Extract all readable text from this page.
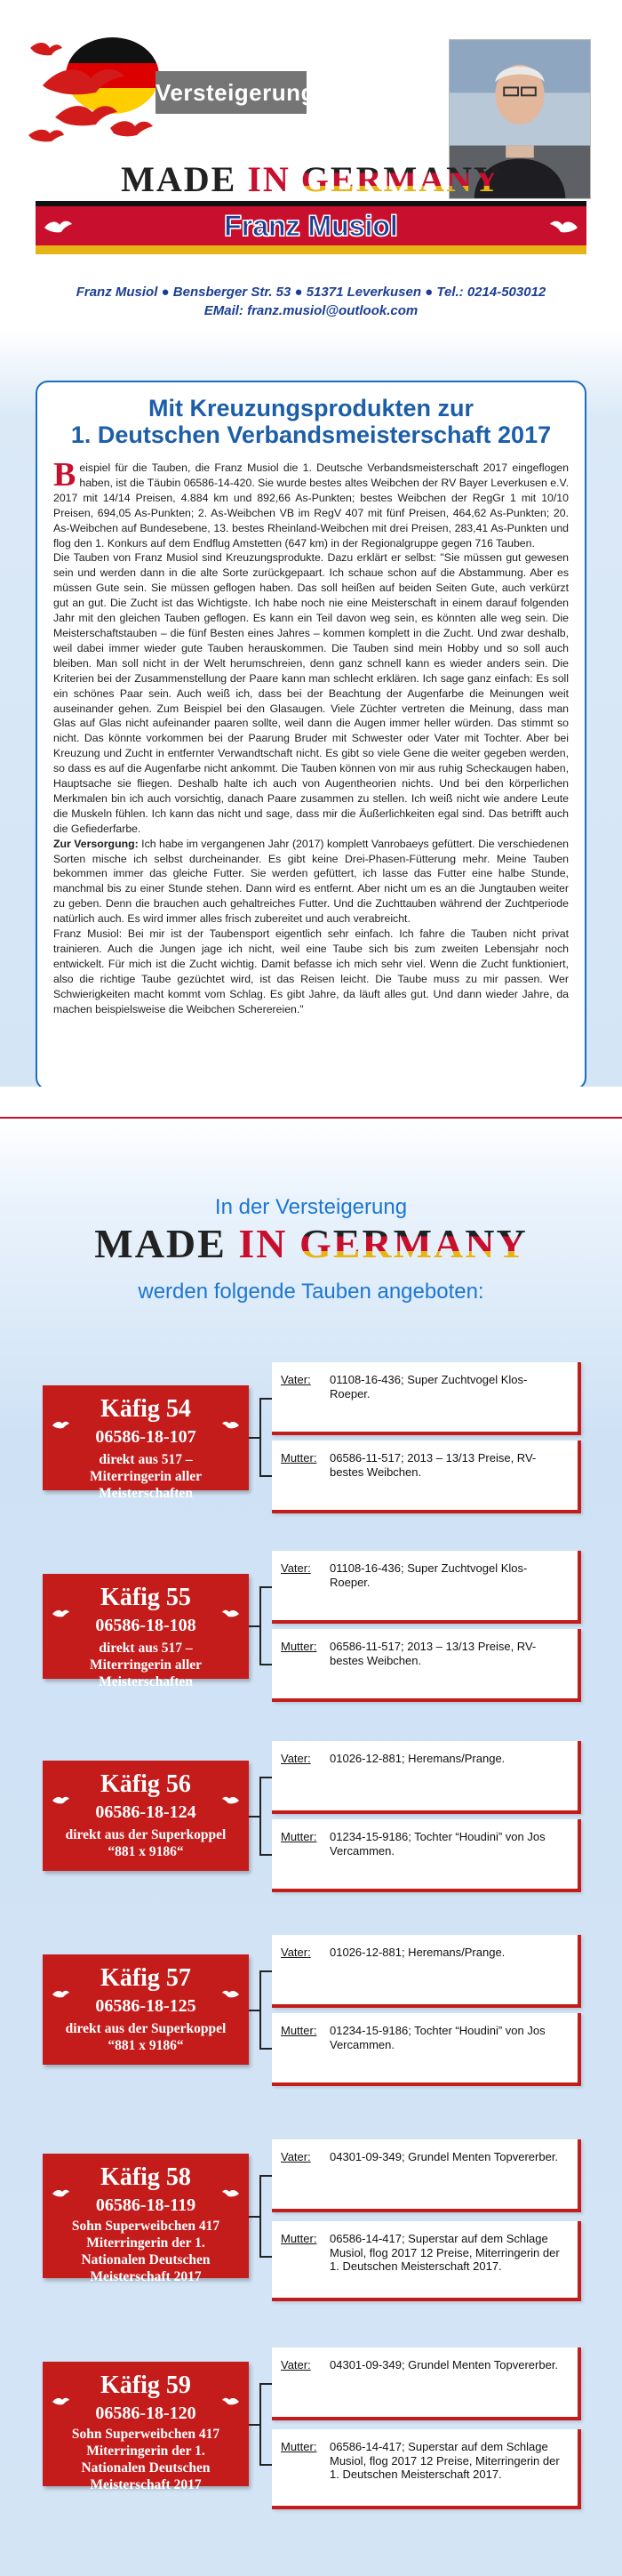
Versteigerung
MADE IN GERMANY
Franz Musiol
Franz Musiol ● Bensberger Str. 53 ● 51371 Leverkusen ● Tel.: 0214-503012
EMail: franz.musiol@outlook.com
Mit Kreuzungsprodukten zur
1. Deutschen Verbandsmeisterschaft 2017

Beispiel für die Tauben, die Franz Musiol die 1. Deutsche Verbandsmeisterschaft 2017 eingeflogen haben, ist die Täubin 06586-14-420. Sie wurde bestes altes Weibchen der RV Bayer Leverkusen e.V. 2017 mit 14/14 Preisen, 4.884 km und 892,66 As-Punkten; bestes Weibchen der RegGr 1 mit 10/10 Preisen, 694,05 As-Punkten; 2. As-Weibchen VB im RegV 407 mit fünf Preisen, 464,62 As-Punkten; 20. As-Weibchen auf Bundesebene, 13. bestes Rheinland-Weibchen mit drei Preisen, 283,41 As-Punkten und flog den 1. Konkurs auf dem Endflug Amstetten (647 km) in der Regionalgruppe gegen 716 Tauben.

Die Tauben von Franz Musiol sind Kreuzungsprodukte. Dazu erklärt er selbst: "Sie müssen gut gewesen sein und werden dann in die alte Sorte zurückgepaart. Ich schaue schon auf die Abstammung. Aber es müssen Gute sein. Sie müssen geflogen haben. Das soll heißen auf beiden Seiten Gute, auch verkürzt gut an gut. Die Zucht ist das Wichtigste. Ich habe noch nie eine Meisterschaft in einem darauf folgenden Jahr mit den gleichen Tauben geflogen. Es kann ein Teil davon weg sein, es könnten alle weg sein. Die Meisterschaftstauben – die fünf Besten eines Jahres – kommen komplett in die Zucht. Und zwar deshalb, weil dabei immer wieder gute Tauben herauskommen. Die Tauben sind mein Hobby und so soll auch bleiben. Man soll nicht in der Welt herumschreien, denn ganz schnell kann es wieder anders sein. Die Kriterien bei der Zusammenstellung der Paare kann man schlecht erklären. Ich sage ganz einfach: Es soll ein schönes Paar sein. Auch weiß ich, dass bei der Beachtung der Augenfarbe die Meinungen weit auseinander gehen. Zum Beispiel bei den Glasaugen. Viele Züchter vertreten die Meinung, dass man Glas auf Glas nicht aufeinander paaren sollte, weil dann die Augen immer heller würden. Das stimmt so nicht. Das könnte vorkommen bei der Paarung Bruder mit Schwester oder Vater mit Tochter. Aber bei Kreuzung und Zucht in entfernter Verwandtschaft nicht. Es gibt so viele Gene die weiter gegeben werden, so dass es auf die Augenfarbe nicht ankommt. Die Tauben können von mir aus ruhig Scheckaugen haben, Hauptsache sie fliegen. Deshalb halte ich auch von Augentheorien nichts. Und bei den körperlichen Merkmalen bin ich auch vorsichtig, danach Paare zusammen zu stellen. Ich weiß nicht wie andere Leute die Muskeln fühlen. Ich kann das nicht und sage, dass mir die Äußerlichkeiten egal sind. Das betrifft auch die Gefiederfarbe.

Zur Versorgung: Ich habe im vergangenen Jahr (2017) komplett Vanrobaeys gefüttert. Die verschiedenen Sorten mische ich selbst durcheinander. Es gibt keine Drei-Phasen-Fütterung mehr. Meine Tauben bekommen immer das gleiche Futter. Sie werden gefüttert, ich lasse das Futter eine halbe Stunde, manchmal bis zu einer Stunde stehen. Dann wird es entfernt. Aber nicht um es an die Jungtauben weiter zu geben. Denn die brauchen auch gehaltreiches Futter. Und die Zuchttauben während der Zuchtperiode natürlich auch. Es wird immer alles frisch zubereitet und auch verabreicht.

Franz Musiol: Bei mir ist der Taubensport eigentlich sehr einfach. Ich fahre die Tauben nicht privat trainieren. Auch die Jungen jage ich nicht, weil eine Taube sich bis zum zweiten Lebensjahr noch entwickelt. Für mich ist die Zucht wichtig. Damit befasse ich mich sehr viel. Wenn die Zucht funktioniert, also die richtige Taube gezüchtet wird, ist das Reisen leicht. Die Taube muss zu mir passen. Wer Schwierigkeiten macht kommt vom Schlag. Es gibt Jahre, da läuft alles gut. Und dann wieder Jahre, da machen beispielsweise die Weibchen Scherereien."

In der Versteigerung
MADE IN GERMANY
werden folgende Tauben angeboten:
Käfig 54
06586-18-107
direkt aus 517 – Miterringerin aller Meisterschaften
Vater: 01108-16-436; Super Zuchtvogel Klos-Roeper.
Mutter: 06586-11-517; 2013 – 13/13 Preise, RV-bestes Weibchen.
Käfig 55
06586-18-108
direkt aus 517 – Miterringerin aller Meisterschaften
Vater: 01108-16-436; Super Zuchtvogel Klos-Roeper.
Mutter: 06586-11-517; 2013 – 13/13 Preise, RV-bestes Weibchen.
Käfig 56
06586-18-124
direkt aus der Superkoppel “881 x 9186“
Vater: 01026-12-881; Heremans/Prange.
Mutter: 01234-15-9186; Tochter “Houdini” von Jos Vercammen.
Käfig 57
06586-18-125
direkt aus der Superkoppel “881 x 9186“
Vater: 01026-12-881; Heremans/Prange.
Mutter: 01234-15-9186; Tochter “Houdini” von Jos Vercammen.
Käfig 58
06586-18-119
Sohn Superweibchen 417 Miterringerin der 1. Nationalen Deutschen Meisterschaft 2017
Vater: 04301-09-349; Grundel Menten Topvererber.
Mutter: 06586-14-417; Superstar auf dem Schlage Musiol, flog 2017 12 Preise, Miterringerin der 1. Deutschen Meisterschaft 2017.
Käfig 59
06586-18-120
Sohn Superweibchen 417 Miterringerin der 1. Nationalen Deutschen Meisterschaft 2017
Vater: 04301-09-349; Grundel Menten Topvererber.
Mutter: 06586-14-417; Superstar auf dem Schlage Musiol, flog 2017 12 Preise, Miterringerin der 1. Deutschen Meisterschaft 2017.
